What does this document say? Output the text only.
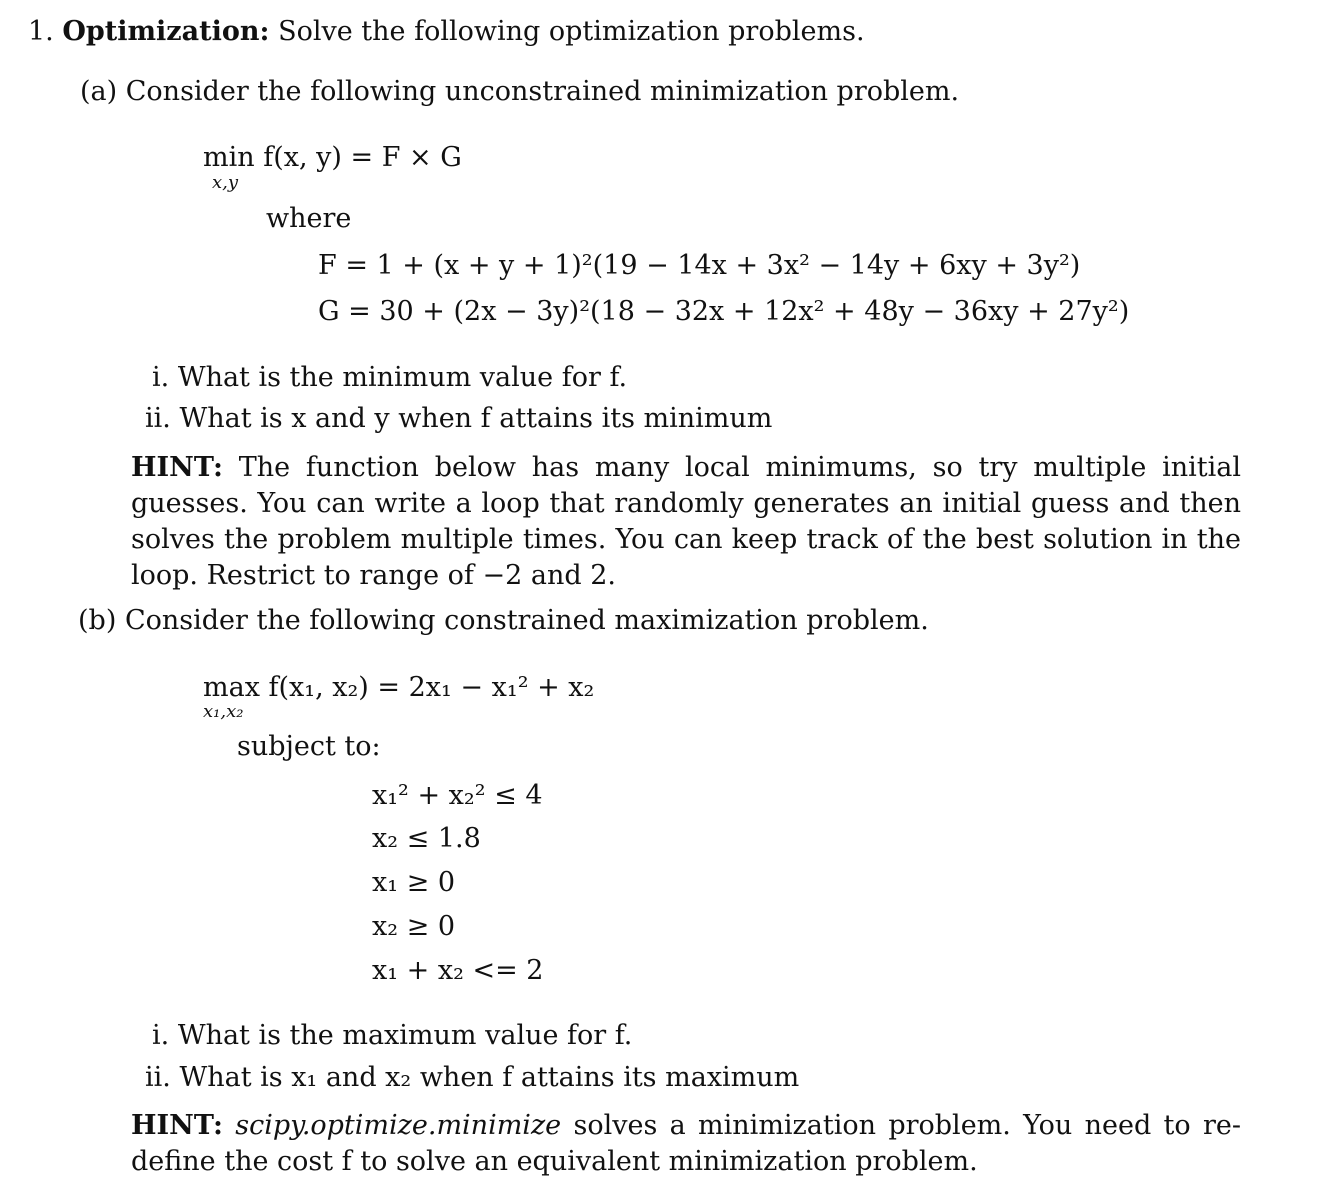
1. Optimization: Solve the following optimization problems.
(a) Consider the following unconstrained minimization problem.
min f(x, y) = F × G
x,y
where
F = 1 + (x + y + 1)²(19 − 14x + 3x² − 14y + 6xy + 3y²)
G = 30 + (2x − 3y)²(18 − 32x + 12x² + 48y − 36xy + 27y²)
i. What is the minimum value for f.
ii. What is x and y when f attains its minimum
HINT: The function below has many local minimums, so try multiple initial guesses. You can write a loop that randomly generates an initial guess and then solves the problem multiple times. You can keep track of the best solution in the loop. Restrict to range of −2 and 2.
(b) Consider the following constrained maximization problem.
max f(x₁, x₂) = 2x₁ − x₁² + x₂
x₁,x₂
subject to:
x₁² + x₂² ≤ 4
x₂ ≤ 1.8
x₁ ≥ 0
x₂ ≥ 0
x₁ + x₂ <= 2
i. What is the maximum value for f.
ii. What is x₁ and x₂ when f attains its maximum
HINT: scipy.optimize.minimize solves a minimization problem. You need to re-define the cost f to solve an equivalent minimization problem.
